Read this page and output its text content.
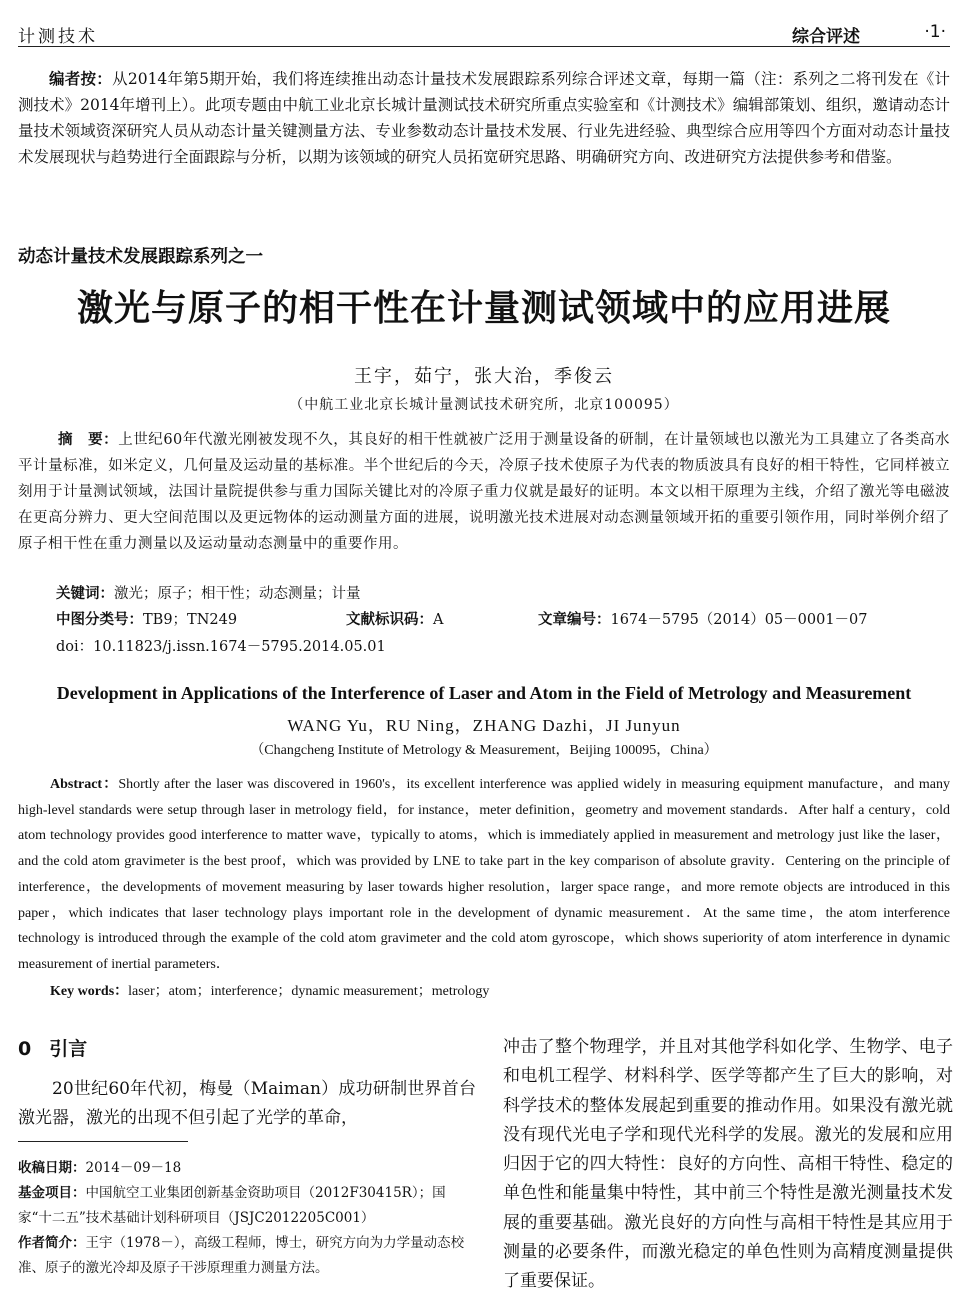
计测技术	综合评述	·1·
编者按：从2014年第5期开始，我们将连续推出动态计量技术发展跟踪系列综合评述文章，每期一篇（注：系列之二将刊发在《计测技术》2014年增刊上）。此项专题由中航工业北京长城计量测试技术研究所重点实验室和《计测技术》编辑部策划、组织，邀请动态计量技术领域资深研究人员从动态计量关键测量方法、专业参数动态计量技术发展、行业先进经验、典型综合应用等四个方面对动态计量技术发展现状与趋势进行全面跟踪与分析，以期为该领域的研究人员拓宽研究思路、明确研究方向、改进研究方法提供参考和借鉴。
动态计量技术发展跟踪系列之一
激光与原子的相干性在计量测试领域中的应用进展
王宇，茹宁，张大治，季俊云
（中航工业北京长城计量测试技术研究所，北京100095）
摘　要：上世纪60年代激光刚被发现不久，其良好的相干性就被广泛用于测量设备的研制，在计量领域也以激光为工具建立了各类高水平计量标准，如米定义，几何量及运动量的基标准。半个世纪后的今天，冷原子技术使原子为代表的物质波具有良好的相干特性，它同样被立刻用于计量测试领域，法国计量院提供参与重力国际关键比对的冷原子重力仪就是最好的证明。本文以相干原理为主线，介绍了激光等电磁波在更高分辨力、更大空间范围以及更远物体的运动测量方面的进展，说明激光技术进展对动态测量领域开拓的重要引领作用，同时举例介绍了原子相干性在重力测量以及运动量动态测量中的重要作用。
关键词：激光；原子；相干性；动态测量；计量
中图分类号：TB9；TN249	文献标识码：A	文章编号：1674－5795（2014）05－0001－07
doi：10.11823/j.issn.1674－5795.2014.05.01
Development in Applications of the Interference of Laser and Atom in the Field of Metrology and Measurement
WANG Yu，RU Ning，ZHANG Dazhi，JI Junyun
（Changcheng Institute of Metrology & Measurement，Beijing 100095，China）
Abstract：Shortly after the laser was discovered in 1960's，its excellent interference was applied widely in measuring equipment manufacture，and many high-level standards were setup through laser in metrology field，for instance，meter definition，geometry and movement standards．After half a century，cold atom technology provides good interference to matter wave，typically to atoms，which is immediately applied in measurement and metrology just like the laser，and the cold atom gravimeter is the best proof，which was provided by LNE to take part in the key comparison of absolute gravity．Centering on the principle of interference，the developments of movement measuring by laser towards higher resolution，larger space range，and more remote objects are introduced in this paper，which indicates that laser technology plays important role in the development of dynamic measurement．At the same time，the atom interference technology is introduced through the example of the cold atom gravimeter and the cold atom gyroscope，which shows superiority of atom interference in dynamic measurement of inertial parameters．
Key words：laser；atom；interference；dynamic measurement；metrology
0 引言

20世纪60年代初，梅曼（Maiman）成功研制世界首台激光器，激光的出现不但引起了光学的革命，

收稿日期：2014－09－18

基金项目：中国航空工业集团创新基金资助项目（2012F30415R）；国家“十二五”技术基础计划科研项目（JSJC2012205C001）

作者简介：王宇（1978－），高级工程师，博士，研究方向为力学量动态校准、原子的激光冷却及原子干涉原理重力测量方法。

冲击了整个物理学，并且对其他学科如化学、生物学、电子和电机工程学、材料科学、医学等都产生了巨大的影响，对科学技术的整体发展起到重要的推动作用。如果没有激光就没有现代光电子学和现代光科学的发展。激光的发展和应用归因于它的四大特性：良好的方向性、高相干特性、稳定的单色性和能量集中特性，其中前三个特性是激光测量技术发展的重要基础。激光良好的方向性与高相干特性是其应用于测量的必要条件，而激光稳定的单色性则为高精度测量提供了重要保证。
